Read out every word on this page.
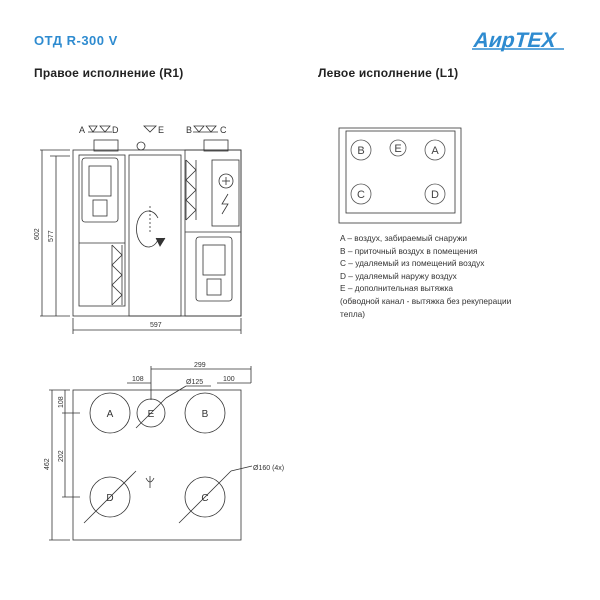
ОТД R-300 V	АирТЕХ
Правое исполнение (R1)	Левое исполнение (L1)
A	D	E B	C
602 577
597
B	E	A
C	D
A – воздух, забираемый снаружи
B – приточный воздух в помещения
C – удаляемый из помещений воздух
D – удаляемый наружу воздух
E – дополнительная вытяжка
(обводной канал - вытяжка без рекуперации
тепла)
A	E	B
D	C
299
108	Ø125	100
Ø160 (4x)
462
108
202
